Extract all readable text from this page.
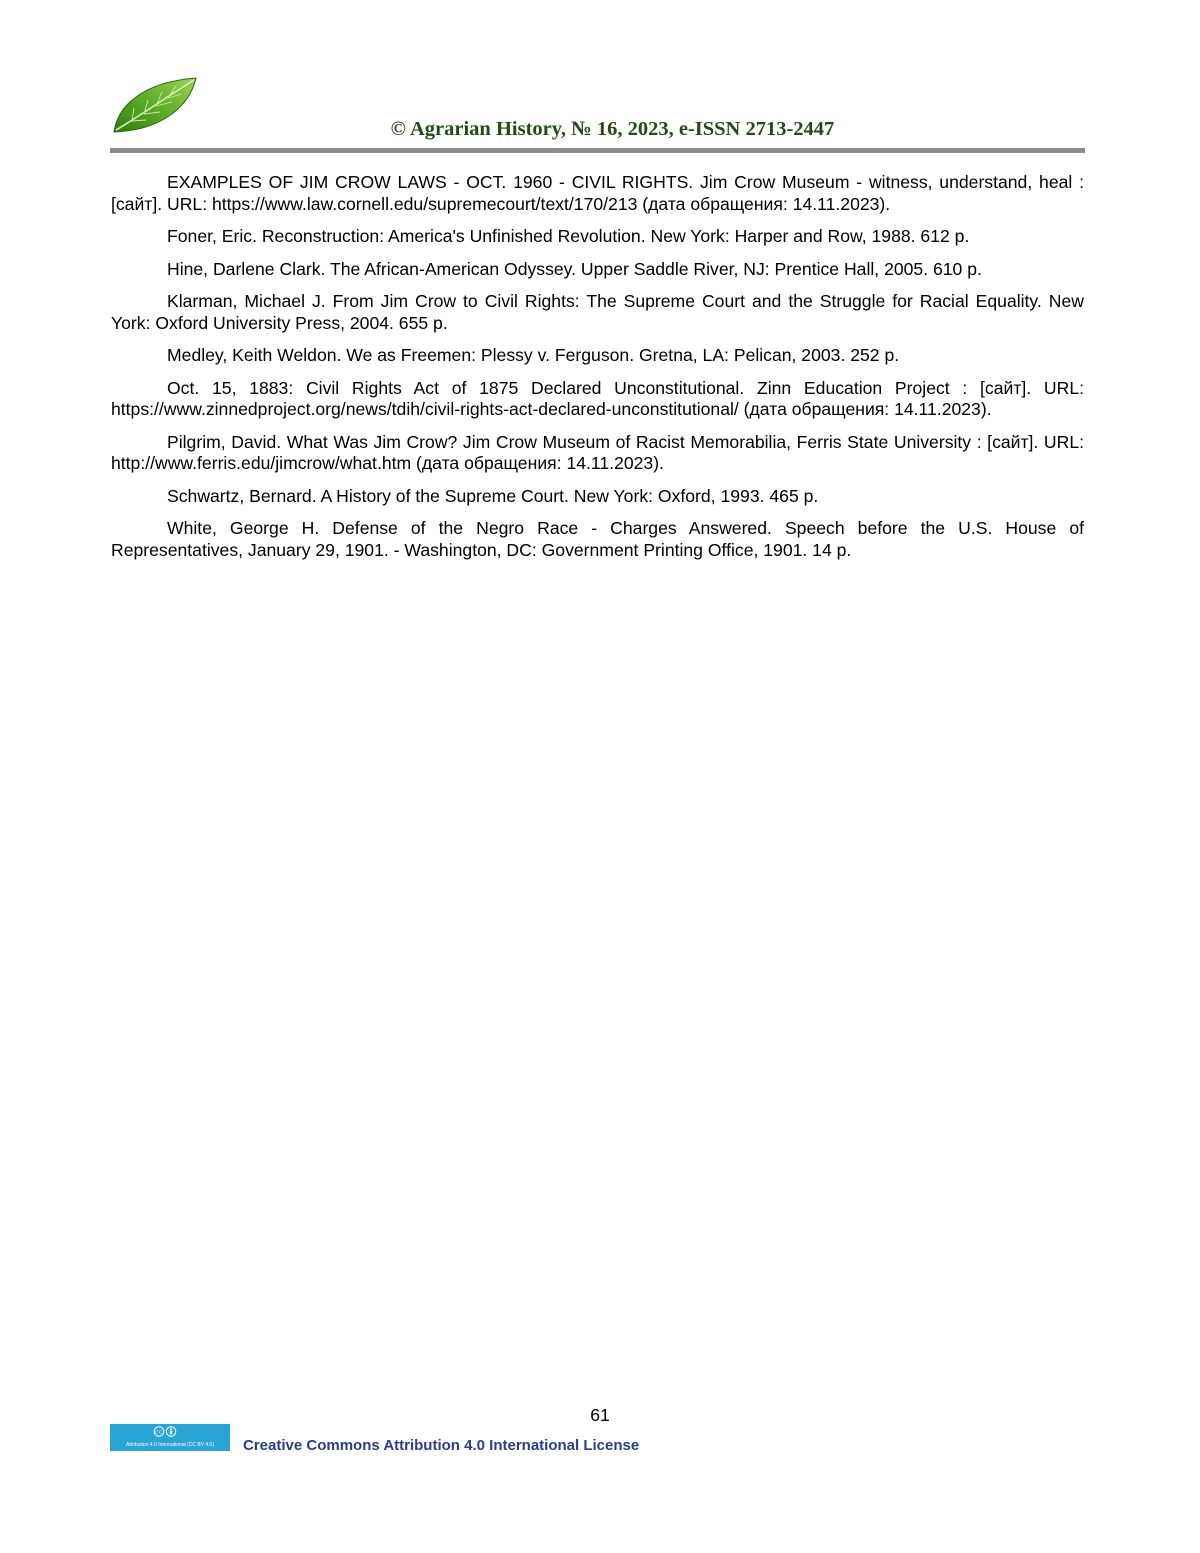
© Agrarian History, № 16, 2023, e-ISSN 2713-2447

EXAMPLES OF JIM CROW LAWS - OCT. 1960 - CIVIL RIGHTS. Jim Crow Museum - witness, understand, heal : [сайт]. URL: https://www.law.cornell.edu/supremecourt/text/170/213 (дата обращения: 14.11.2023).

Foner, Eric. Reconstruction: America's Unfinished Revolution. New York: Harper and Row, 1988. 612 p.

Hine, Darlene Clark. The African-American Odyssey. Upper Saddle River, NJ: Prentice Hall, 2005. 610 p.

Klarman, Michael J. From Jim Crow to Civil Rights: The Supreme Court and the Struggle for Racial Equality. New York: Oxford University Press, 2004. 655 p.

Medley, Keith Weldon. We as Freemen: Plessy v. Ferguson. Gretna, LA: Pelican, 2003. 252 p.

Oct. 15, 1883: Civil Rights Act of 1875 Declared Unconstitutional. Zinn Education Project : [сайт]. URL: https://www.zinnedproject.org/news/tdih/civil-rights-act-declared-unconstitutional/ (дата обращения: 14.11.2023).

Pilgrim, David. What Was Jim Crow? Jim Crow Museum of Racist Memorabilia, Ferris State University : [сайт]. URL: http://www.ferris.edu/jimcrow/what.htm (дата обращения: 14.11.2023).

Schwartz, Bernard. A History of the Supreme Court. New York: Oxford, 1993. 465 p.

White, George H. Defense of the Negro Race - Charges Answered. Speech before the U.S. House of Representatives, January 29, 1901. - Washington, DC: Government Printing Office, 1901. 14 p.

61
cc
Attribution 4.0 International (CC BY 4.0)	Creative Commons Attribution 4.0 International License
